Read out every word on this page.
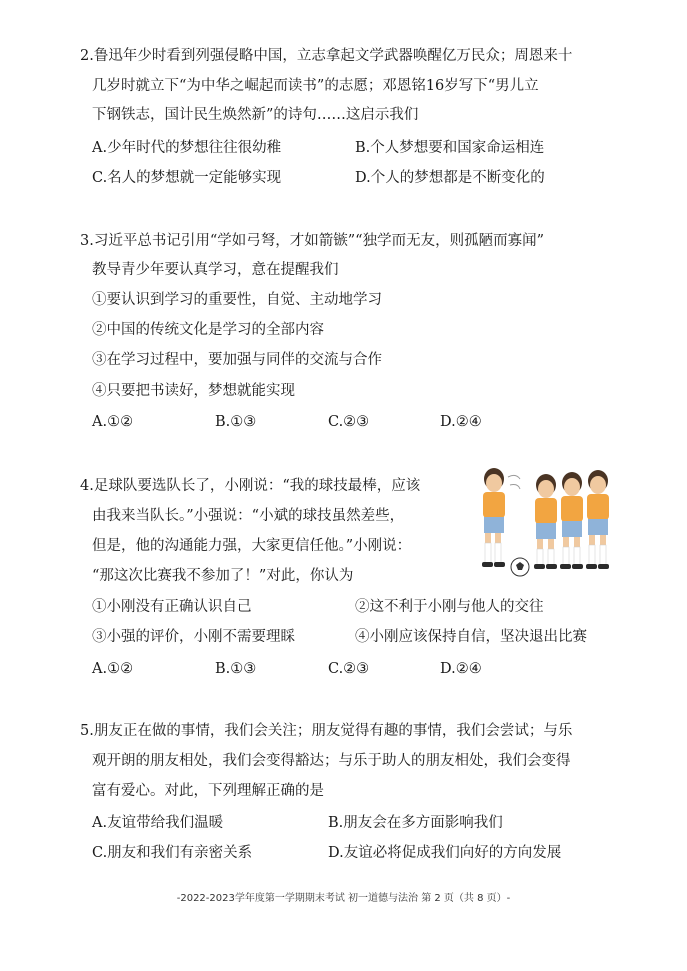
2.鲁迅年少时看到列强侵略中国，立志拿起文学武器唤醒亿万民众；周恩来十
几岁时就立下“为中华之崛起而读书”的志愿；邓恩铭16岁写下“男儿立
下钢铁志，国计民生焕然新”的诗句……这启示我们
A.少年时代的梦想往往很幼稚	B.个人梦想要和国家命运相连
C.名人的梦想就一定能够实现	D.个人的梦想都是不断变化的
3.习近平总书记引用“学如弓弩，才如箭镞”“独学而无友，则孤陋而寡闻”
教导青少年要认真学习，意在提醒我们
①要认识到学习的重要性，自觉、主动地学习
②中国的传统文化是学习的全部内容
③在学习过程中，要加强与同伴的交流与合作
④只要把书读好，梦想就能实现
A.①②	B.①③	C.②③	D.②④
4.足球队要选队长了，小刚说：“我的球技最棒，应该
由我来当队长。”小强说：“小斌的球技虽然差些，
但是，他的沟通能力强，大家更信任他。”小刚说：
“那这次比赛我不参加了！”对此，你认为
①小刚没有正确认识自己	②这不利于小刚与他人的交往
③小强的评价，小刚不需要理睬	④小刚应该保持自信，坚决退出比赛
A.①②	B.①③	C.②③	D.②④
5.朋友正在做的事情，我们会关注；朋友觉得有趣的事情，我们会尝试；与乐
观开朗的朋友相处，我们会变得豁达；与乐于助人的朋友相处，我们会变得
富有爱心。对此，下列理解正确的是
A.友谊带给我们温暖	B.朋友会在多方面影响我们
C.朋友和我们有亲密关系	D.友谊必将促成我们向好的方向发展
-2022-2023学年度第一学期期末考试 初一道德与法治 第 2 页（共 8 页）-
